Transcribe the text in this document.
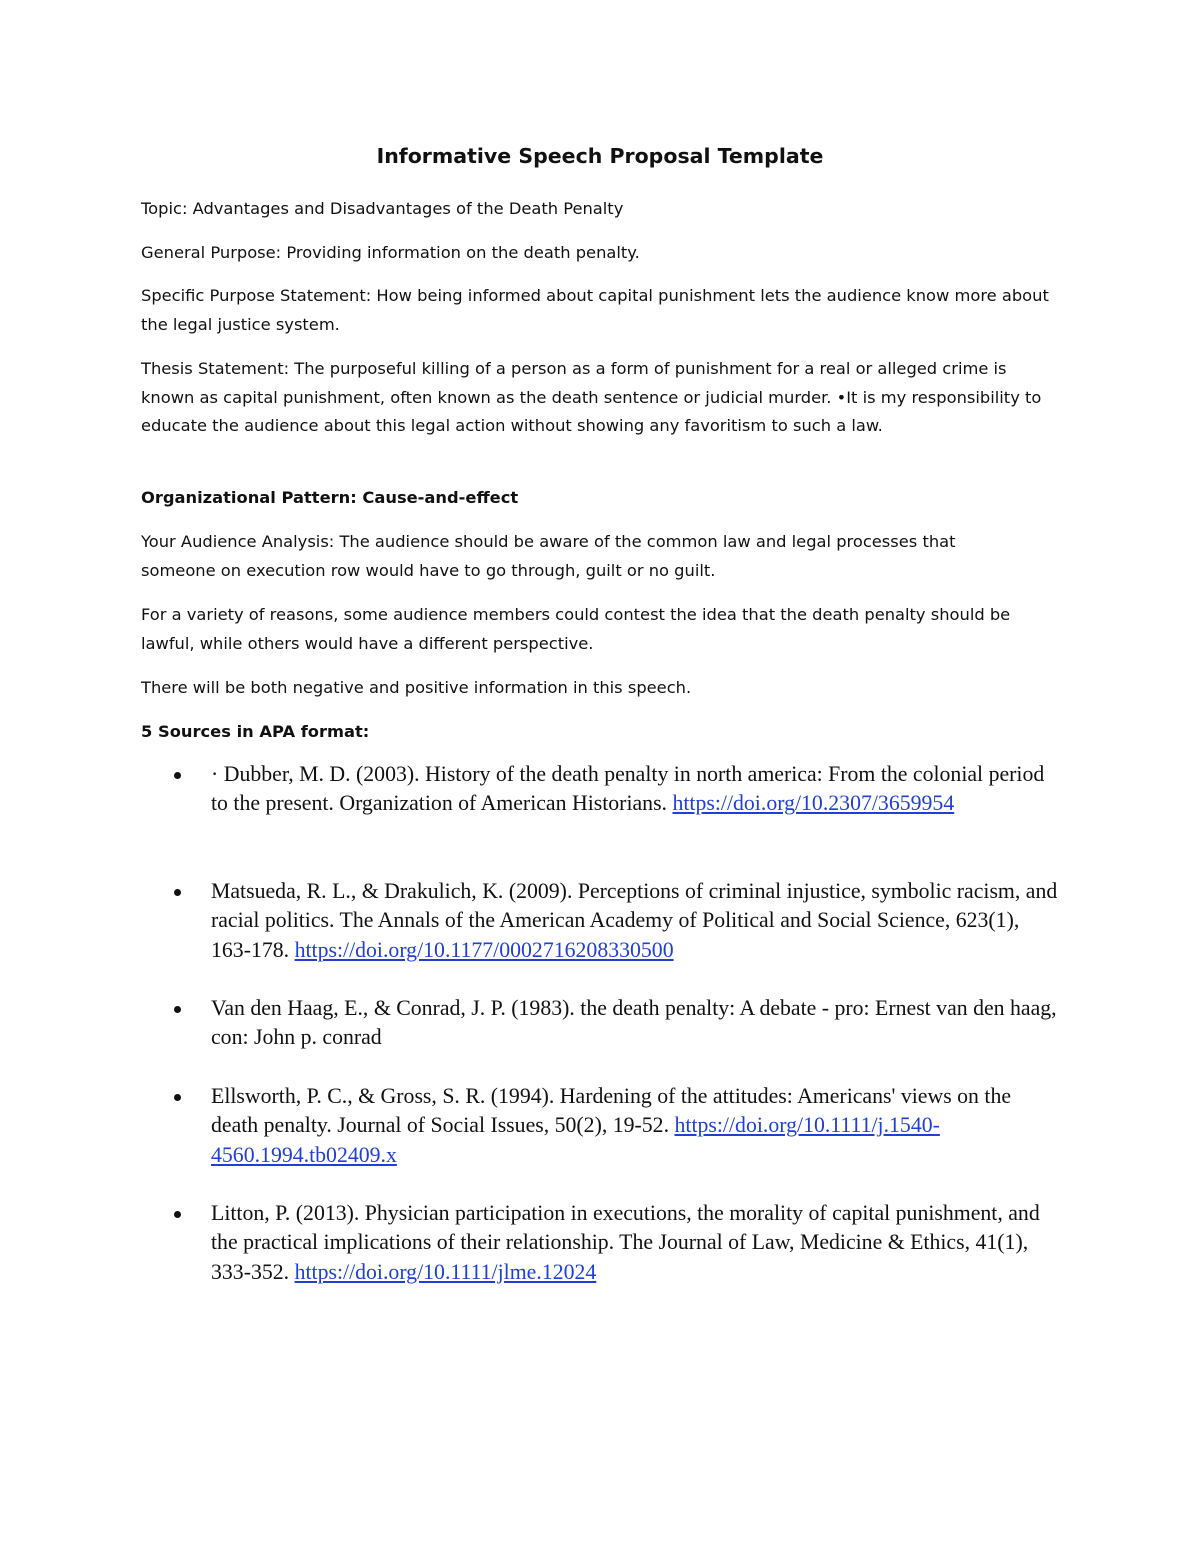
Informative Speech Proposal Template
Topic: Advantages and Disadvantages of the Death Penalty
General Purpose: Providing information on the death penalty.
Specific Purpose Statement: How being informed about capital punishment lets the audience know more about the legal justice system.
Thesis Statement: The purposeful killing of a person as a form of punishment for a real or alleged crime is known as capital punishment, often known as the death sentence or judicial murder. •It is my responsibility to educate the audience about this legal action without showing any favoritism to such a law.
Organizational Pattern: Cause-and-effect
Your Audience Analysis: The audience should be aware of the common law and legal processes that someone on execution row would have to go through, guilt or no guilt.
For a variety of reasons, some audience members could contest the idea that the death penalty should be lawful, while others would have a different perspective.
There will be both negative and positive information in this speech.
5 Sources in APA format:
· Dubber, M. D. (2003). History of the death penalty in north america: From the colonial period to the present. Organization of American Historians. https://doi.org/10.2307/3659954
Matsueda, R. L., & Drakulich, K. (2009). Perceptions of criminal injustice, symbolic racism, and racial politics. The Annals of the American Academy of Political and Social Science, 623(1), 163-178. https://doi.org/10.1177/0002716208330500
Van den Haag, E., & Conrad, J. P. (1983). the death penalty: A debate - pro: Ernest van den haag, con: John p. conrad
Ellsworth, P. C., & Gross, S. R. (1994). Hardening of the attitudes: Americans' views on the death penalty. Journal of Social Issues, 50(2), 19-52. https://doi.org/10.1111/j.1540-4560.1994.tb02409.x
Litton, P. (2013). Physician participation in executions, the morality of capital punishment, and the practical implications of their relationship. The Journal of Law, Medicine & Ethics, 41(1), 333-352. https://doi.org/10.1111/jlme.12024
